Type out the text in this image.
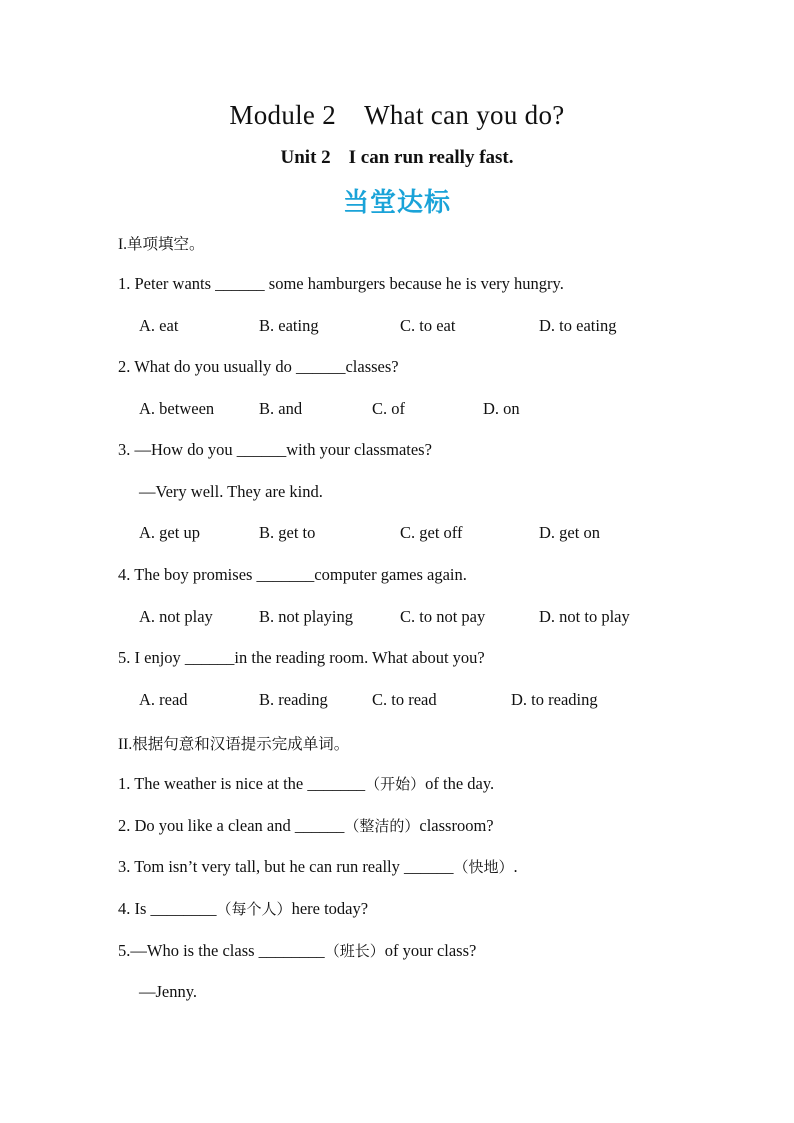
Module 2 What can you do?
Unit 2 I can run really fast.
当堂达标
I.单项填空。
1. Peter wants ______ some hamburgers because he is very hungry.
A. eat	B. eating	C. to eat	D. to eating
2. What do you usually do ______classes?
A. between	B. and	C. of	D. on
3. —How do you ______with your classmates?
—Very well. They are kind.
A. get up	B. get to	C. get off	D. get on
4. The boy promises _______computer games again.
A. not play	B. not playing	C. to not pay	D. not to play
5. I enjoy ______in the reading room. What about you?
A. read	B. reading	C. to read	D. to reading
II.根据句意和汉语提示完成单词。
1. The weather is nice at the _______（开始）of the day.
2. Do you like a clean and ______（整洁的）classroom?
3. Tom isn’t very tall, but he can run really ______（快地）.
4. Is ________（每个人）here today?
5.—Who is the class ________（班长）of your class?
—Jenny.
